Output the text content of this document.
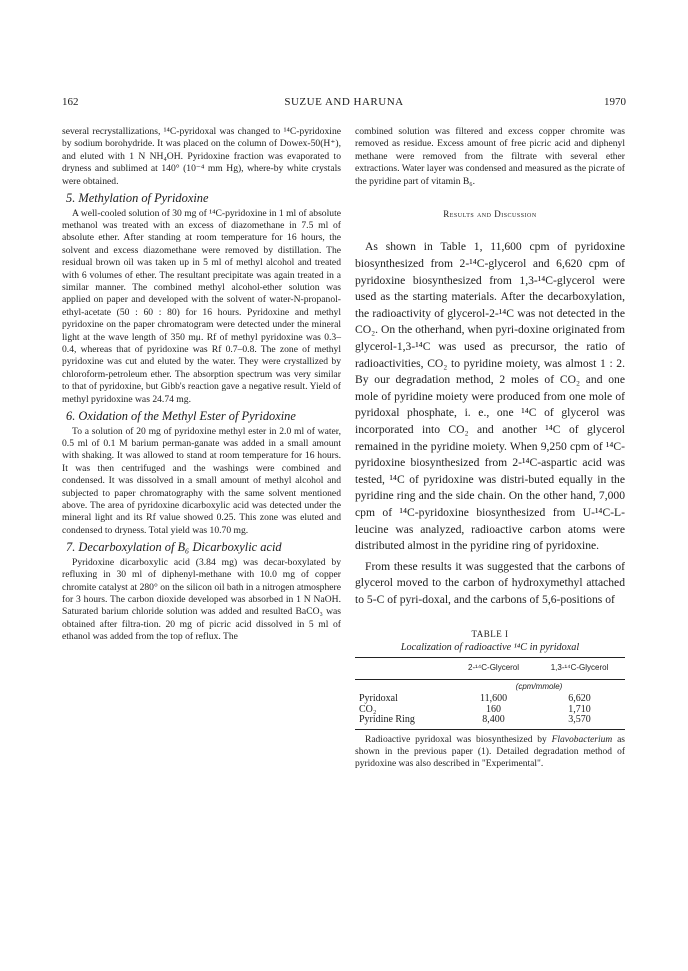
162	SUZUE AND HARUNA	1970

several recrystallizations, ¹⁴C-pyridoxal was changed to ¹⁴C-pyridoxine by sodium borohydride. It was placed on the column of Dowex-50(H⁺), and eluted with 1 N NH₄OH. Pyridoxine fraction was evaporated to dryness and sublimed at 140° (10⁻⁴ mm Hg), where-by white crystals were obtained.

5. Methylation of Pyridoxine

A well-cooled solution of 30 mg of ¹⁴C-pyridoxine in 1 ml of absolute methanol was treated with an excess of diazomethane in 7.5 ml of absolute ether. After standing at room temperature for 16 hours, the solvent and excess diazomethane were removed by distillation. The residual brown oil was taken up in 5 ml of methyl alcohol and treated with 6 volumes of ether. The resultant precipitate was again treated in a similar manner. The combined methyl alcohol-ether solution was applied on paper and developed with the solvent of water-N-propanol-ethyl-acetate (50 : 60 : 80) for 16 hours. Pyridoxine and methyl pyridoxine on the paper chromatogram were detected under the mineral light at the wave length of 350 mμ. Rf of methyl pyridoxine was 0.3–0.4, whereas that of pyridoxine was Rf 0.7–0.8. The zone of methyl pyridoxine was cut and eluted by the water. They were crystallized by chloroform-petroleum ether. The absorption spectrum was very similar to that of pyridoxine, but Gibb's reaction gave a negative result. Yield of methyl pyridoxine was 24.74 mg.

6. Oxidation of the Methyl Ester of Pyridoxine

To a solution of 20 mg of pyridoxine methyl ester in 2.0 ml of water, 0.5 ml of 0.1 M barium perman-ganate was added in a small amount with shaking. It was allowed to stand at room temperature for 16 hours. It was then centrifuged and the washings were combined and condensed. It was dissolved in a small amount of methyl alcohol and subjected to paper chromatography with the same solvent mentioned above. The area of pyridoxine dicarboxylic acid was detected under the mineral light and its Rf value showed 0.25. This zone was eluted and condensed to dryness. Total yield was 10.70 mg.

7. Decarboxylation of B₆ Dicarboxylic acid

Pyridoxine dicarboxylic acid (3.84 mg) was decar-boxylated by refluxing in 30 ml of diphenyl-methane with 10.0 mg of copper chromite catalyst at 280° on the silicon oil bath in a nitrogen atmosphere for 3 hours. The carbon dioxide developed was absorbed in 1 N NaOH. Saturated barium chloride solution was added and resulted BaCO₃ was obtained after filtra-tion. 20 mg of picric acid dissolved in 5 ml of ethanol was added from the top of reflux. The

combined solution was filtered and excess copper chromite was removed as residue. Excess amount of free picric acid and diphenyl methane were removed from the filtrate with several ether extractions. Water layer was condensed and measured as the picrate of the pyridine part of vitamin B₆.

Results and Discussion

As shown in Table 1, 11,600 cpm of pyridoxine biosynthesized from 2-¹⁴C-glycerol and 6,620 cpm of pyridoxine biosynthesized from 1,3-¹⁴C-glycerol were used as the starting materials. After the decarboxylation, the radioactivity of glycerol-2-¹⁴C was not detected in the CO₂. On the otherhand, when pyri-doxine originated from glycerol-1,3-¹⁴C was used as precursor, the ratio of radioactivities, CO₂ to pyridine moiety, was almost 1 : 2. By our degradation method, 2 moles of CO₂ and one mole of pyridine moiety were produced from one mole of pyridoxal phosphate, i. e., one ¹⁴C of glycerol was incorporated into CO₂ and another ¹⁴C of glycerol remained in the pyridine moiety. When 9,250 cpm of ¹⁴C-pyridoxine biosynthesized from 2-¹⁴C-aspartic acid was tested, ¹⁴C of pyridoxine was distri-buted equally in the pyridine ring and the side chain. On the other hand, 7,000 cpm of ¹⁴C-pyridoxine biosynthesized from U-¹⁴C-L-leucine was analyzed, radioactive carbon atoms were distributed almost in the pyridine ring of pyridoxine.

From these results it was suggested that the carbons of glycerol moved to the carbon of hydroxymethyl attached to 5-C of pyri-doxal, and the carbons of 5,6-positions of

TABLE I
Localization of radioactive ¹⁴C in pyridoxal
	2-¹⁴C-Glycerol	1,3-¹⁴C-Glycerol
	(cpm/mmole)	
Pyridoxal	11,600	6,620
CO₂	160	1,710
Pyridine Ring	8,400	3,570
Radioactive pyridoxal was biosynthesized by Flavobacterium as shown in the previous paper (1). Detailed degradation method of pyridoxine was also described in "Experimental".
